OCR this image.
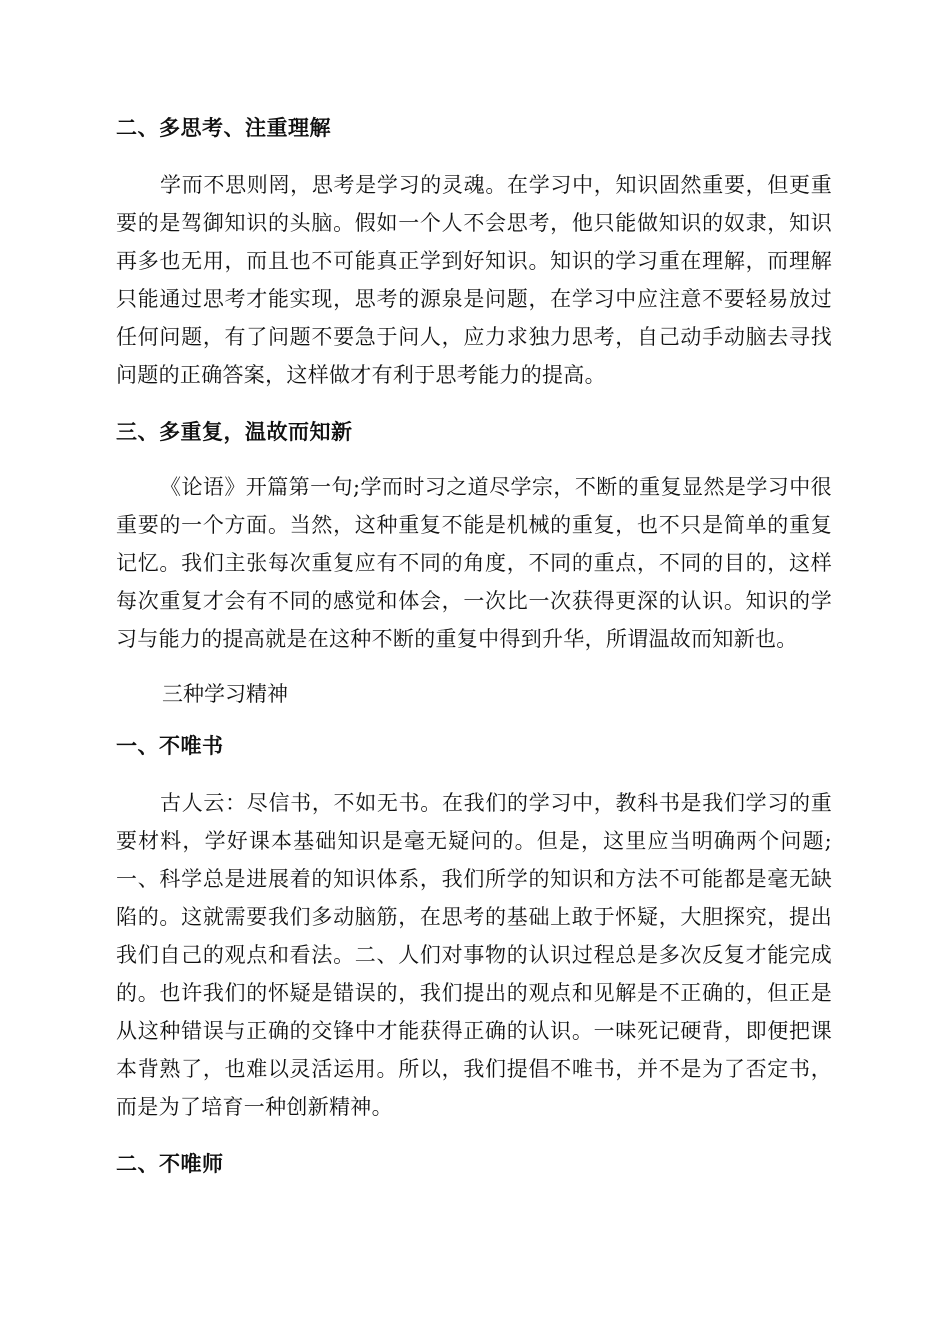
二、多思考、注重理解

学而不思则罔，思考是学习的灵魂。在学习中，知识固然重要，但更重要的是驾御知识的头脑。假如一个人不会思考，他只能做知识的奴隶，知识再多也无用，而且也不可能真正学到好知识。知识的学习重在理解，而理解只能通过思考才能实现，思考的源泉是问题，在学习中应注意不要轻易放过任何问题，有了问题不要急于问人，应力求独力思考，自己动手动脑去寻找问题的正确答案，这样做才有利于思考能力的提高。

三、多重复，温故而知新

《论语》开篇第一句;学而时习之道尽学宗，不断的重复显然是学习中很重要的一个方面。当然，这种重复不能是机械的重复，也不只是简单的重复记忆。我们主张每次重复应有不同的角度，不同的重点，不同的目的，这样每次重复才会有不同的感觉和体会，一次比一次获得更深的认识。知识的学习与能力的提高就是在这种不断的重复中得到升华，所谓温故而知新也。

三种学习精神

一、不唯书

古人云：尽信书，不如无书。在我们的学习中，教科书是我们学习的重要材料，学好课本基础知识是毫无疑问的。但是，这里应当明确两个问题;一、科学总是进展着的知识体系，我们所学的知识和方法不可能都是毫无缺陷的。这就需要我们多动脑筋，在思考的基础上敢于怀疑，大胆探究，提出我们自己的观点和看法。二、人们对事物的认识过程总是多次反复才能完成的。也许我们的怀疑是错误的，我们提出的观点和见解是不正确的，但正是从这种错误与正确的交锋中才能获得正确的认识。一味死记硬背，即便把课本背熟了，也难以灵活运用。所以，我们提倡不唯书，并不是为了否定书，而是为了培育一种创新精神。

二、不唯师
